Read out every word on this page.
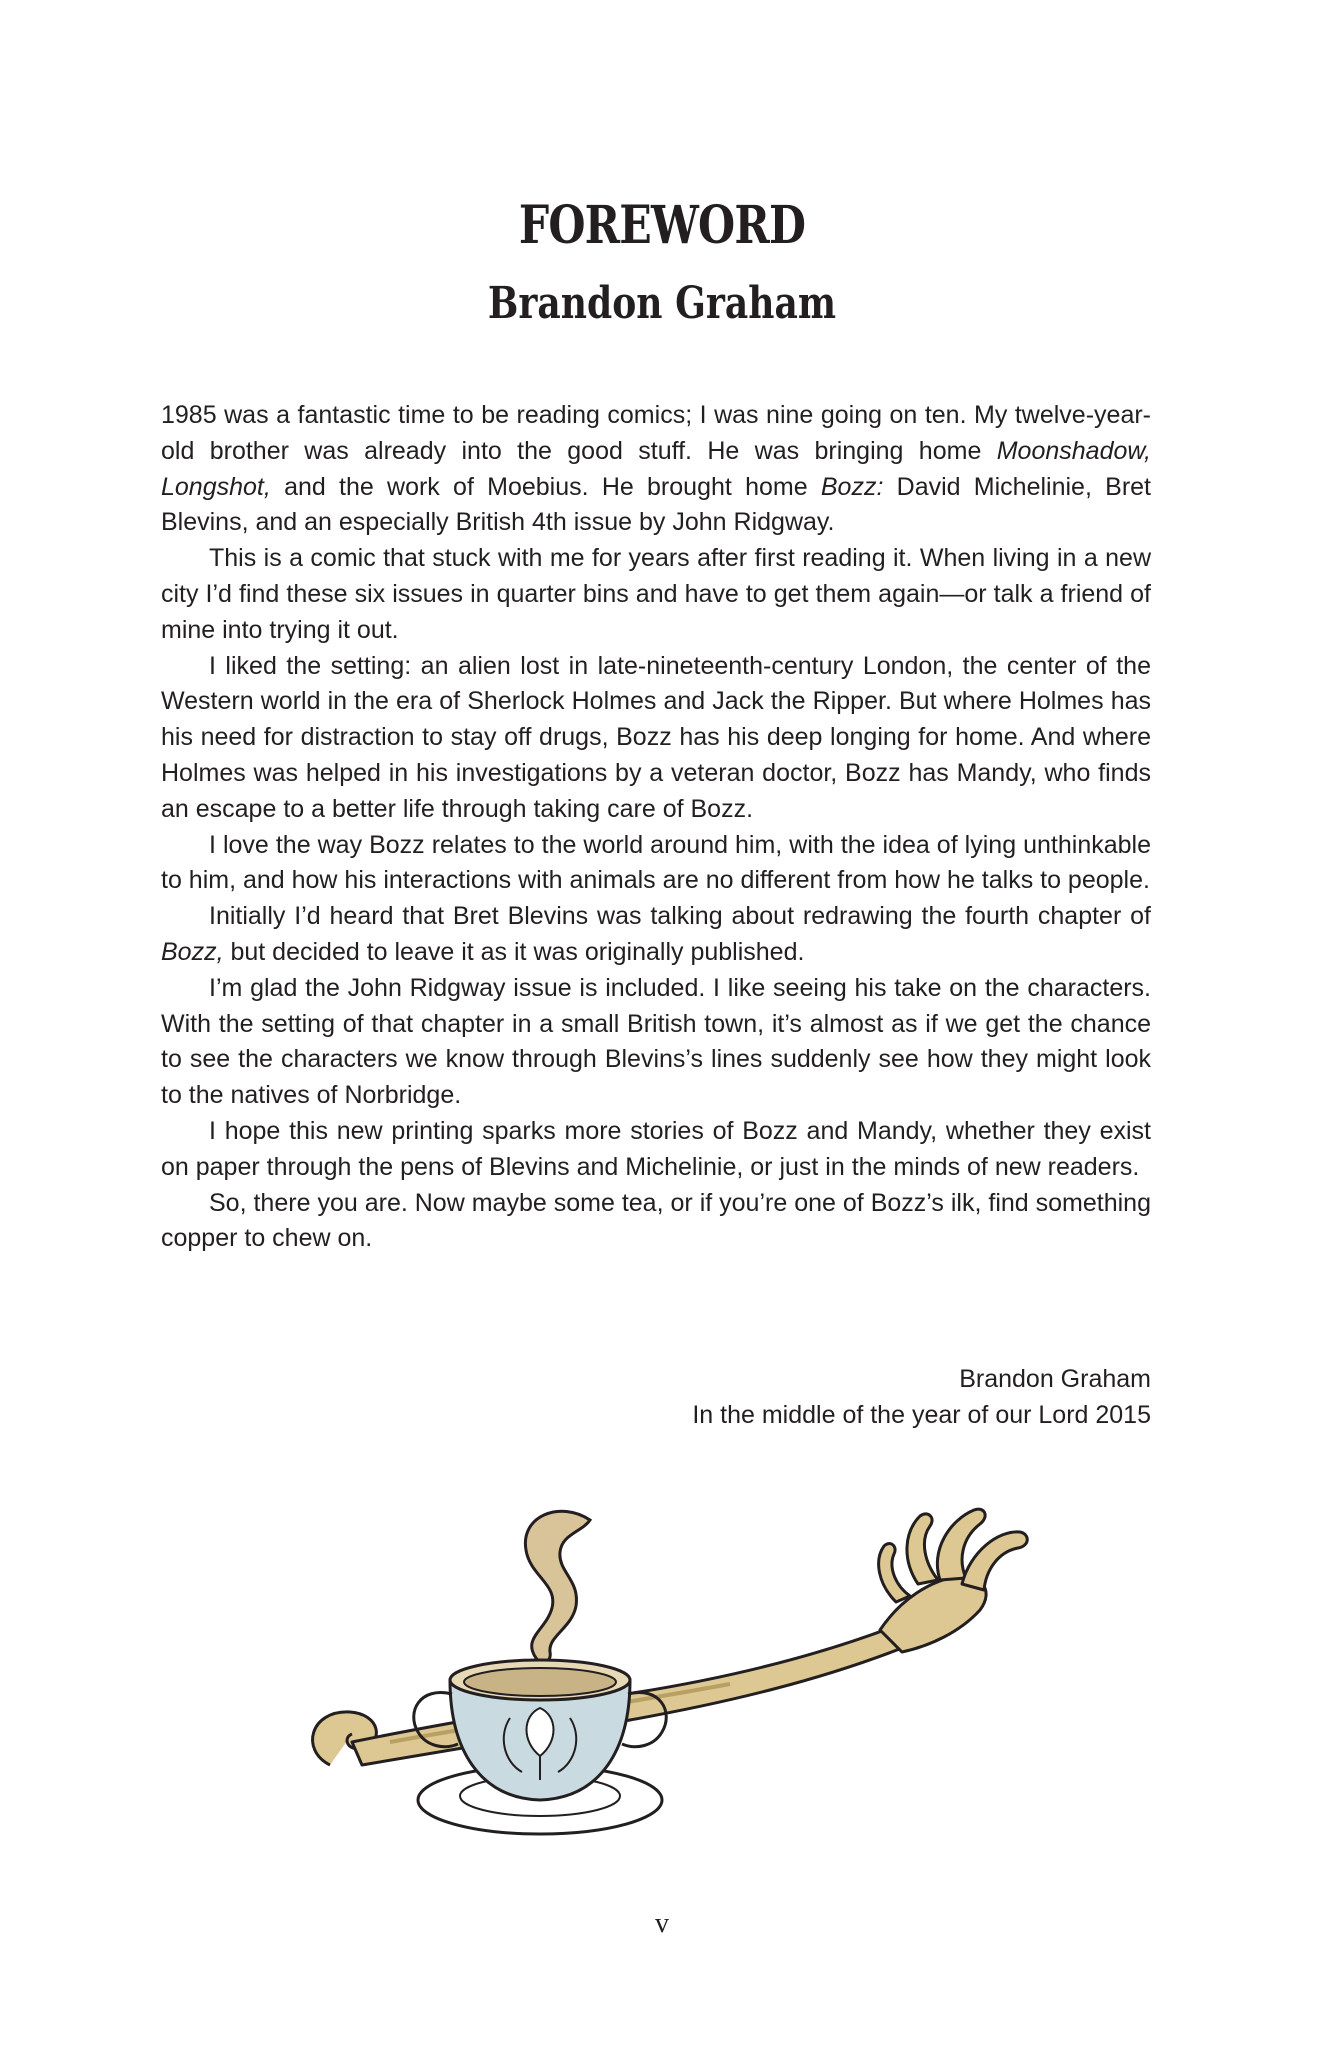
FOREWORD
Brandon Graham

1985 was a fantastic time to be reading comics; I was nine going on ten. My twelve-year-old brother was already into the good stuff. He was bringing home Moonshadow, Longshot, and the work of Moebius. He brought home Bozz: David Michelinie, Bret Blevins, and an especially British 4th issue by John Ridgway.

This is a comic that stuck with me for years after first reading it. When living in a new city I’d find these six issues in quarter bins and have to get them again—or talk a friend of mine into trying it out.

I liked the setting: an alien lost in late-nineteenth-century London, the center of the Western world in the era of Sherlock Holmes and Jack the Ripper. But where Holmes has his need for distraction to stay off drugs, Bozz has his deep longing for home. And where Holmes was helped in his investigations by a veteran doctor, Bozz has Mandy, who finds an escape to a better life through taking care of Bozz.

I love the way Bozz relates to the world around him, with the idea of lying unthinkable to him, and how his interactions with animals are no different from how he talks to people.

Initially I’d heard that Bret Blevins was talking about redrawing the fourth chapter of Bozz, but decided to leave it as it was originally published.

I’m glad the John Ridgway issue is included. I like seeing his take on the characters. With the setting of that chapter in a small British town, it’s almost as if we get the chance to see the characters we know through Blevins’s lines suddenly see how they might look to the natives of Norbridge.

I hope this new printing sparks more stories of Bozz and Mandy, whether they exist on paper through the pens of Blevins and Michelinie, or just in the minds of new readers.

So, there you are. Now maybe some tea, or if you’re one of Bozz’s ilk, find something copper to chew on.

Brandon Graham
In the middle of the year of our Lord 2015
v
